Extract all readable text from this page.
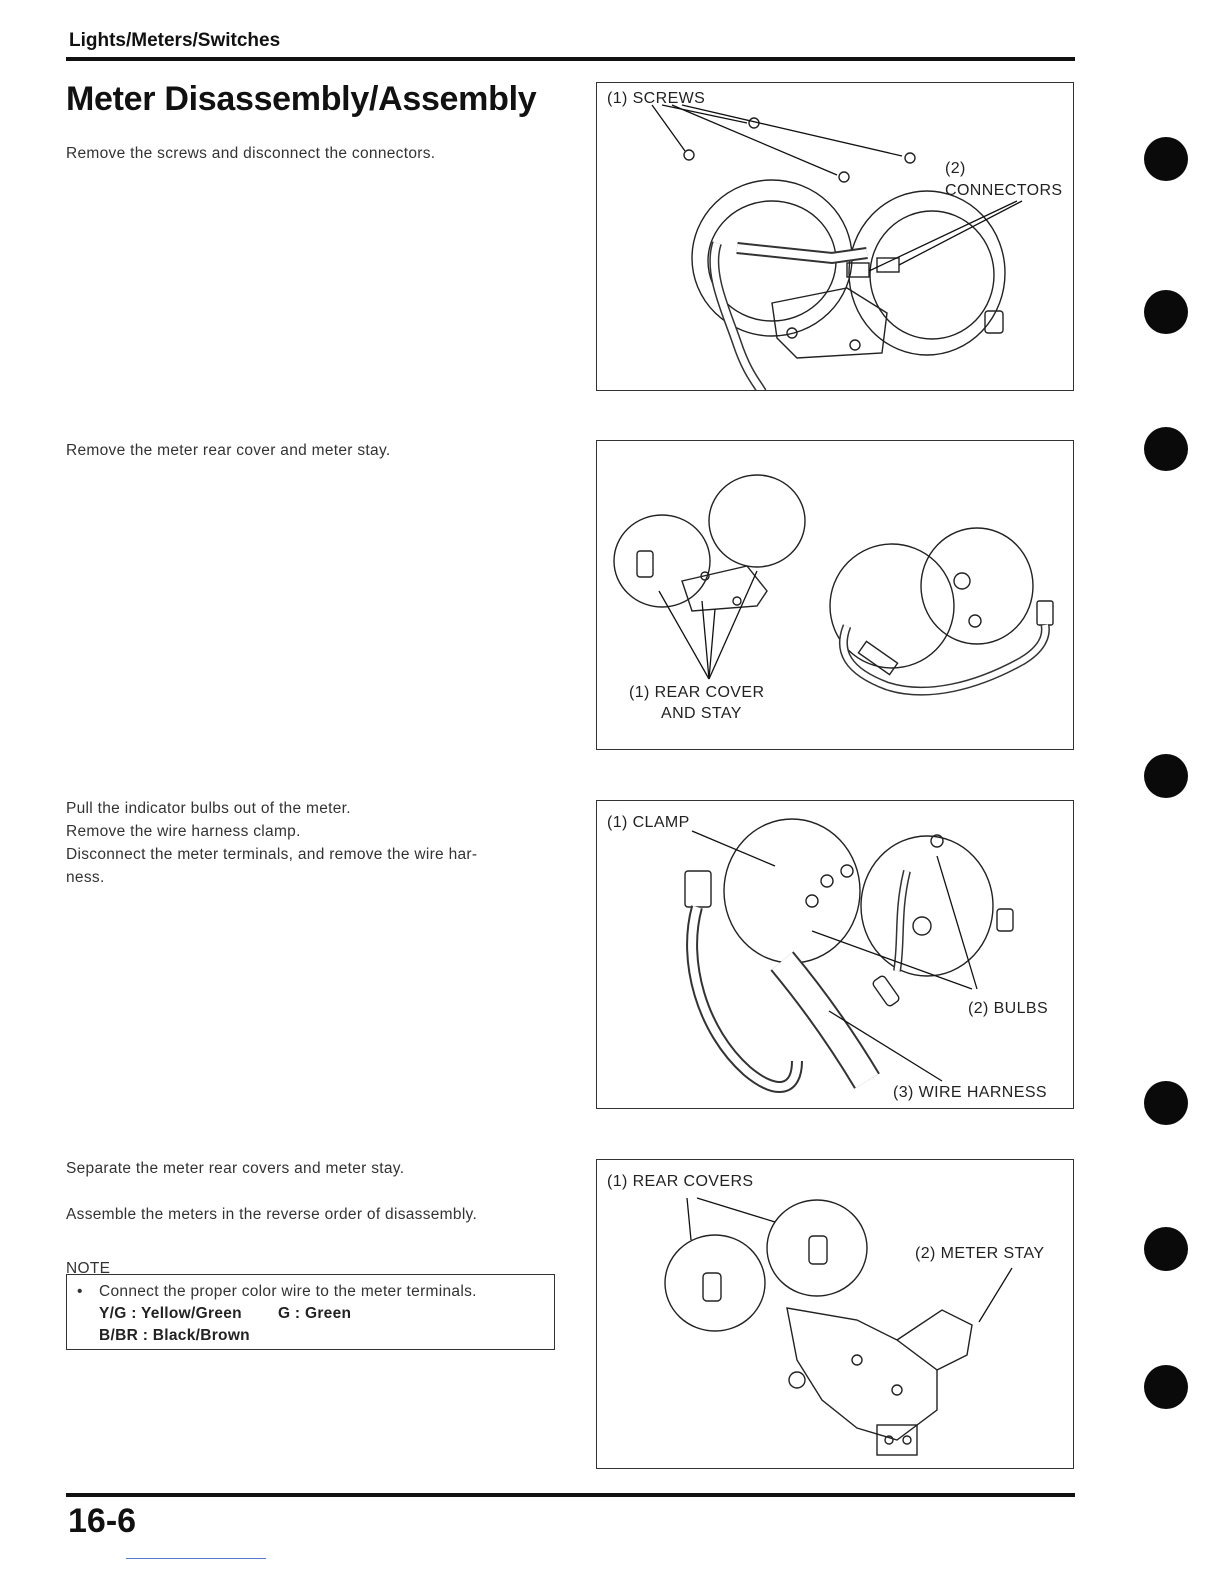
Lights/Meters/Switches
Meter Disassembly/Assembly
Remove the screws and disconnect the connectors.
Remove the meter rear cover and meter stay.
Pull the indicator bulbs out of the meter.
Remove the wire harness clamp.
Disconnect the meter terminals, and remove the wire har-
ness.
Separate the meter rear covers and meter stay.
Assemble the meters in the reverse order of disassembly.
NOTE
• Connect the proper color wire to the meter terminals.
Y/G : Yellow/Green G : Green
B/BR : Black/Brown
(1) SCREWS
(2)
CONNECTORS
(1) REAR COVER
AND STAY
(1) CLAMP
(2) BULBS
(3) WIRE HARNESS
(1) REAR COVERS
(2) METER STAY
16-6
